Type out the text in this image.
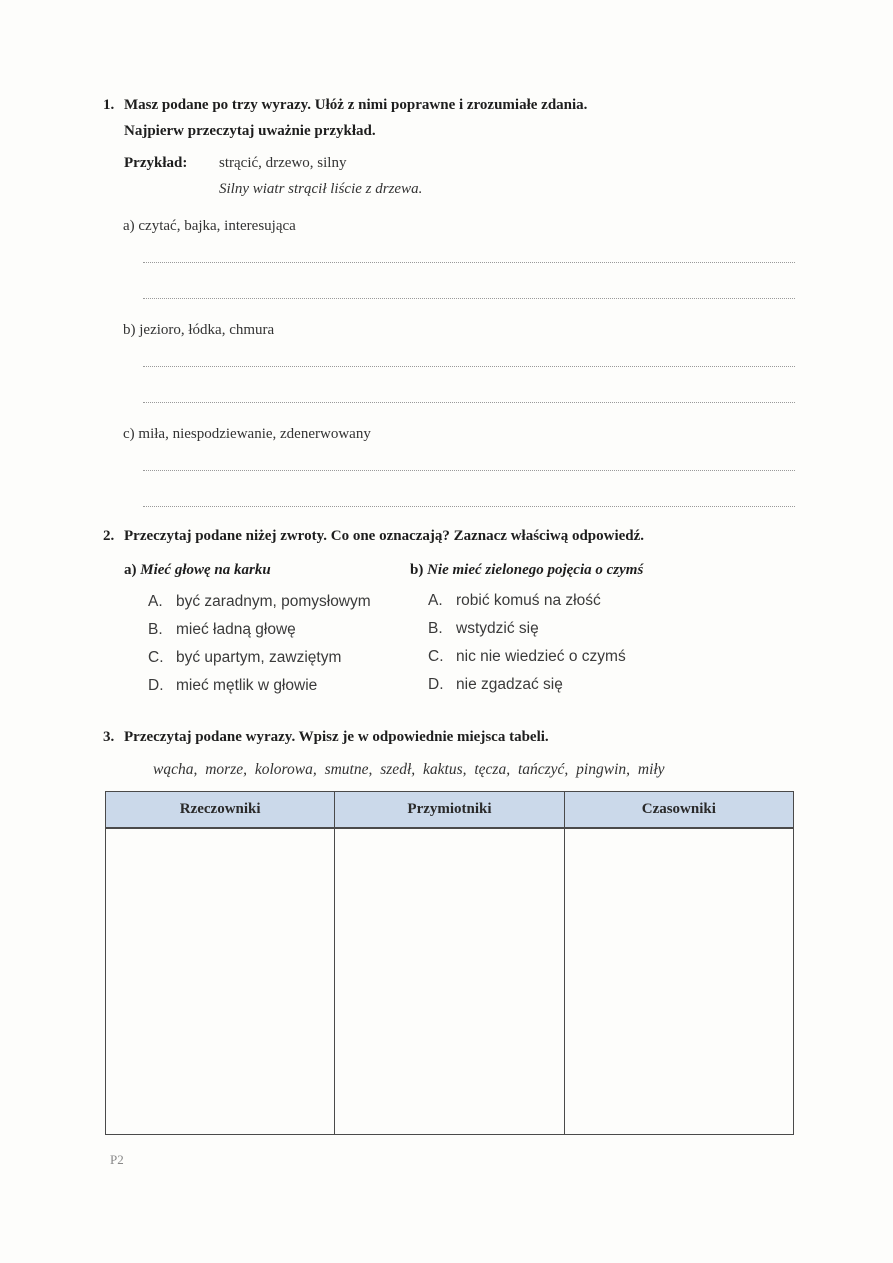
1. Masz podane po trzy wyrazy. Ułóż z nimi poprawne i zrozumiałe zdania.
Najpierw przeczytaj uważnie przykład.
Przykład: strącić, drzewo, silny
Silny wiatr strącił liście z drzewa.
a) czytać, bajka, interesująca
b) jezioro, łódka, chmura
c) miła, niespodziewanie, zdenerwowany
2. Przeczytaj podane niżej zwroty. Co one oznaczają? Zaznacz właściwą odpowiedź.
a) Mieć głowę na karku	b) Nie mieć zielonego pojęcia o czymś
A. być zaradnym, pomysłowym
B. mieć ładną głowę
C. być upartym, zawziętym
D. mieć mętlik w głowie
A. robić komuś na złość
B. wstydzić się
C. nic nie wiedzieć o czymś
D. nie zgadzać się
3. Przeczytaj podane wyrazy. Wpisz je w odpowiednie miejsca tabeli.
wącha, morze, kolorowa, smutne, szedł, kaktus, tęcza, tańczyć, pingwin, miły
Rzeczowniki	Przymiotniki	Czasowniki

P2
